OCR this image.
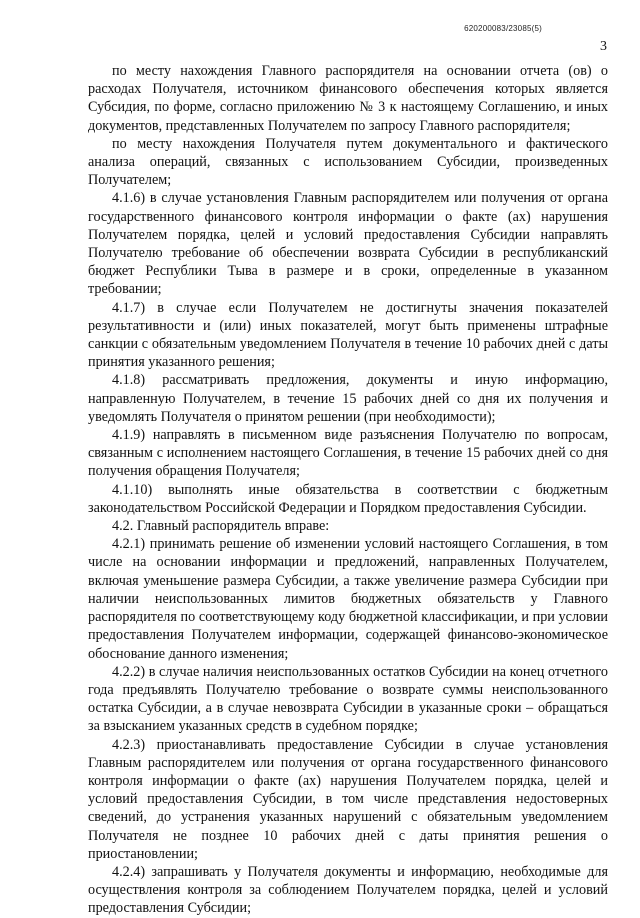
620200083/23085(5)
3

по месту нахождения Главного распорядителя на основании отчета (ов) о расходах Получателя, источником финансового обеспечения которых является Субсидия, по форме, согласно приложению № 3 к настоящему Соглашению, и иных документов, представленных Получателем по запросу Главного распорядителя;

по месту нахождения Получателя путем документального и фактического анализа операций, связанных с использованием Субсидии, произведенных Получателем;

4.1.6) в случае установления Главным распорядителем или получения от органа государственного финансового контроля информации о факте (ах) нарушения Получателем порядка, целей и условий предоставления Субсидии направлять Получателю требование об обеспечении возврата Субсидии в республиканский бюджет Республики Тыва в размере и в сроки, определенные в указанном требовании;

4.1.7) в случае если Получателем не достигнуты значения показателей результативности и (или) иных показателей, могут быть применены штрафные санкции с обязательным уведомлением Получателя в течение 10 рабочих дней с даты принятия указанного решения;

4.1.8) рассматривать предложения, документы и иную информацию, направленную Получателем, в течение 15 рабочих дней со дня их получения и уведомлять Получателя о принятом решении (при необходимости);

4.1.9) направлять в письменном виде разъяснения Получателю по вопросам, связанным с исполнением настоящего Соглашения, в течение 15 рабочих дней со дня получения обращения Получателя;

4.1.10) выполнять иные обязательства в соответствии с бюджетным законодательством Российской Федерации и Порядком предоставления Субсидии.

4.2. Главный распорядитель вправе:

4.2.1) принимать решение об изменении условий настоящего Соглашения, в том числе на основании информации и предложений, направленных Получателем, включая уменьшение размера Субсидии, а также увеличение размера Субсидии при наличии неиспользованных лимитов бюджетных обязательств у Главного распорядителя по соответствующему коду бюджетной классификации, и при условии предоставления Получателем информации, содержащей финансово-экономическое обоснование данного изменения;

4.2.2) в случае наличия неиспользованных остатков Субсидии на конец отчетного года предъявлять Получателю требование о возврате суммы неиспользованного остатка Субсидии, а в случае невозврата Субсидии в указанные сроки – обращаться за взысканием указанных средств в судебном порядке;

4.2.3) приостанавливать предоставление Субсидии в случае установления Главным распорядителем или получения от органа государственного финансового контроля информации о факте (ах) нарушения Получателем порядка, целей и условий предоставления Субсидии, в том числе представления недостоверных сведений, до устранения указанных нарушений с обязательным уведомлением Получателя не позднее 10 рабочих дней с даты принятия решения о приостановлении;

4.2.4) запрашивать у Получателя документы и информацию, необходимые для осуществления контроля за соблюдением Получателем порядка, целей и условий предоставления Субсидии;
